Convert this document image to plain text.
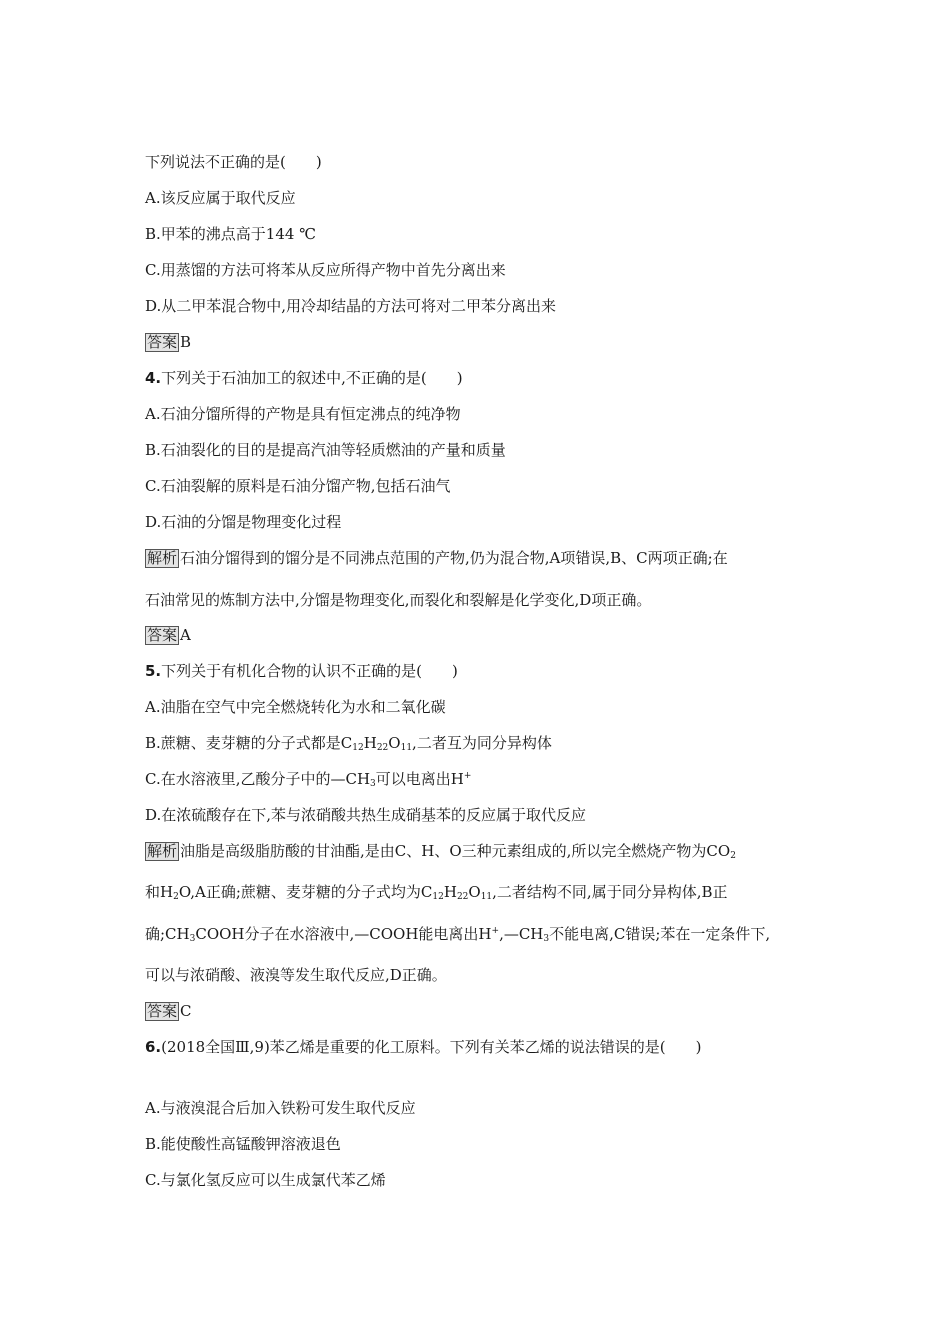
下列说法不正确的是(　　)
A.该反应属于取代反应
B.甲苯的沸点高于144 ℃
C.用蒸馏的方法可将苯从反应所得产物中首先分离出来
D.从二甲苯混合物中,用冷却结晶的方法可将对二甲苯分离出来
答案 B
4.下列关于石油加工的叙述中,不正确的是(　　)
A.石油分馏所得的产物是具有恒定沸点的纯净物
B.石油裂化的目的是提高汽油等轻质燃油的产量和质量
C.石油裂解的原料是石油分馏产物,包括石油气
D.石油的分馏是物理变化过程
解析 石油分馏得到的馏分是不同沸点范围的产物,仍为混合物,A项错误,B、C两项正确;在
石油常见的炼制方法中,分馏是物理变化,而裂化和裂解是化学变化,D项正确。
答案 A
5.下列关于有机化合物的认识不正确的是(　　)
A.油脂在空气中完全燃烧转化为水和二氧化碳
B.蔗糖、麦芽糖的分子式都是$C_{12}H_{22}O_{11}$,二者互为同分异构体
C.在水溶液里,乙酸分子中的$—CH_3$可以电离出H+
D.在浓硫酸存在下,苯与浓硝酸共热生成硝基苯的反应属于取代反应
解析 油脂是高级脂肪酸的甘油酯,是由C、H、O三种元素组成的,所以完全燃烧产物为$CO_2$
和$H_2O,A$正确;蔗糖、麦芽糖的分子式均为$C_{12}H_{22}O_{11}$,二者结构不同,属于同分异构体,B正
确$;CH_3COOH$分子在水溶液中,—COOH能电离出$H^+,—CH_3$不能电离,C错误;苯在一定条件下,
可以与浓硝酸、液溴等发生取代反应,D正确。
答案 C
6.(2018全国Ⅲ,9)苯乙烯是重要的化工原料。下列有关苯乙烯的说法错误的是(　　)
A.与液溴混合后加入铁粉可发生取代反应
B.能使酸性高锰酸钾溶液退色
C.与氯化氢反应可以生成氯代苯乙烯
